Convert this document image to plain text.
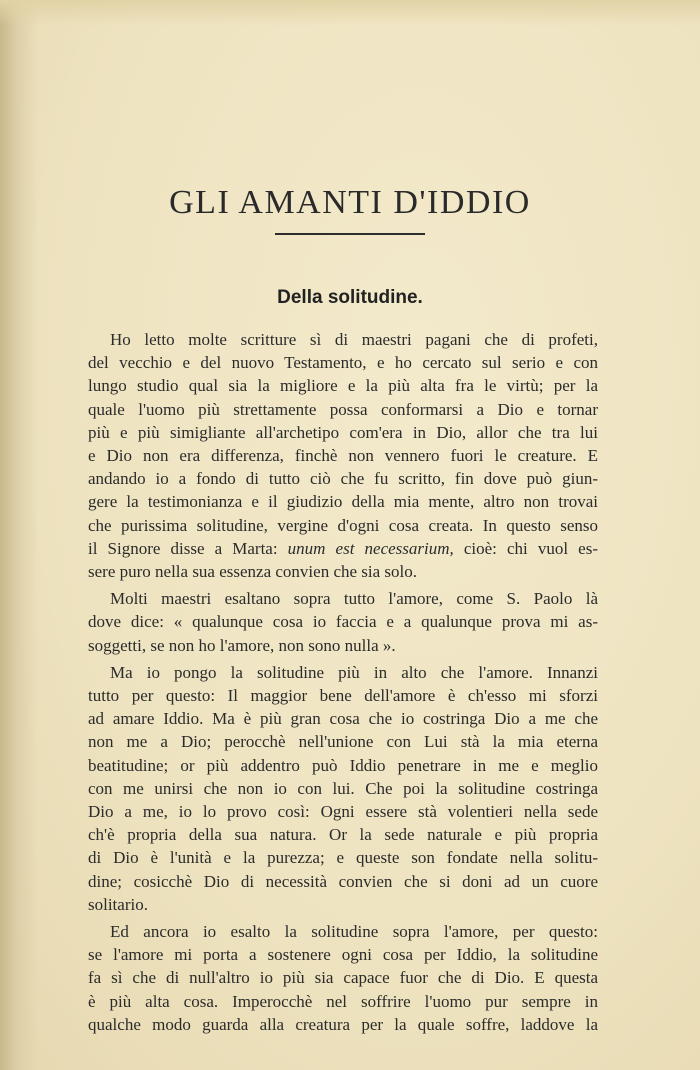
GLI AMANTI D'IDDIO
Della solitudine.
Ho letto molte scritture sì di maestri pagani che di profeti,
del vecchio e del nuovo Testamento, e ho cercato sul serio e con
lungo studio qual sia la migliore e la più alta fra le virtù; per la
quale l'uomo più strettamente possa conformarsi a Dio e tornar
più e più simigliante all'archetipo com'era in Dio, allor che tra lui
e Dio non era differenza, finchè non vennero fuori le creature. E
andando io a fondo di tutto ciò che fu scritto, fin dove può giun-
gere la testimonianza e il giudizio della mia mente, altro non trovai
che purissima solitudine, vergine d'ogni cosa creata. In questo senso
il Signore disse a Marta: unum est necessarium, cioè: chi vuol es-
sere puro nella sua essenza convien che sia solo.
Molti maestri esaltano sopra tutto l'amore, come S. Paolo là
dove dice: « qualunque cosa io faccia e a qualunque prova mi as-
soggetti, se non ho l'amore, non sono nulla ».
Ma io pongo la solitudine più in alto che l'amore. Innanzi
tutto per questo: Il maggior bene dell'amore è ch'esso mi sforzi
ad amare Iddio. Ma è più gran cosa che io costringa Dio a me che
non me a Dio; perocchè nell'unione con Lui stà la mia eterna
beatitudine; or più addentro può Iddio penetrare in me e meglio
con me unirsi che non io con lui. Che poi la solitudine costringa
Dio a me, io lo provo così: Ogni essere stà volentieri nella sede
ch'è propria della sua natura. Or la sede naturale e più propria
di Dio è l'unità e la purezza; e queste son fondate nella solitu-
dine; cosicchè Dio di necessità convien che si doni ad un cuore
solitario.
Ed ancora io esalto la solitudine sopra l'amore, per questo:
se l'amore mi porta a sostenere ogni cosa per Iddio, la solitudine
fa sì che di null'altro io più sia capace fuor che di Dio. E questa
è più alta cosa. Imperocchè nel soffrire l'uomo pur sempre in
qualche modo guarda alla creatura per la quale soffre, laddove la
